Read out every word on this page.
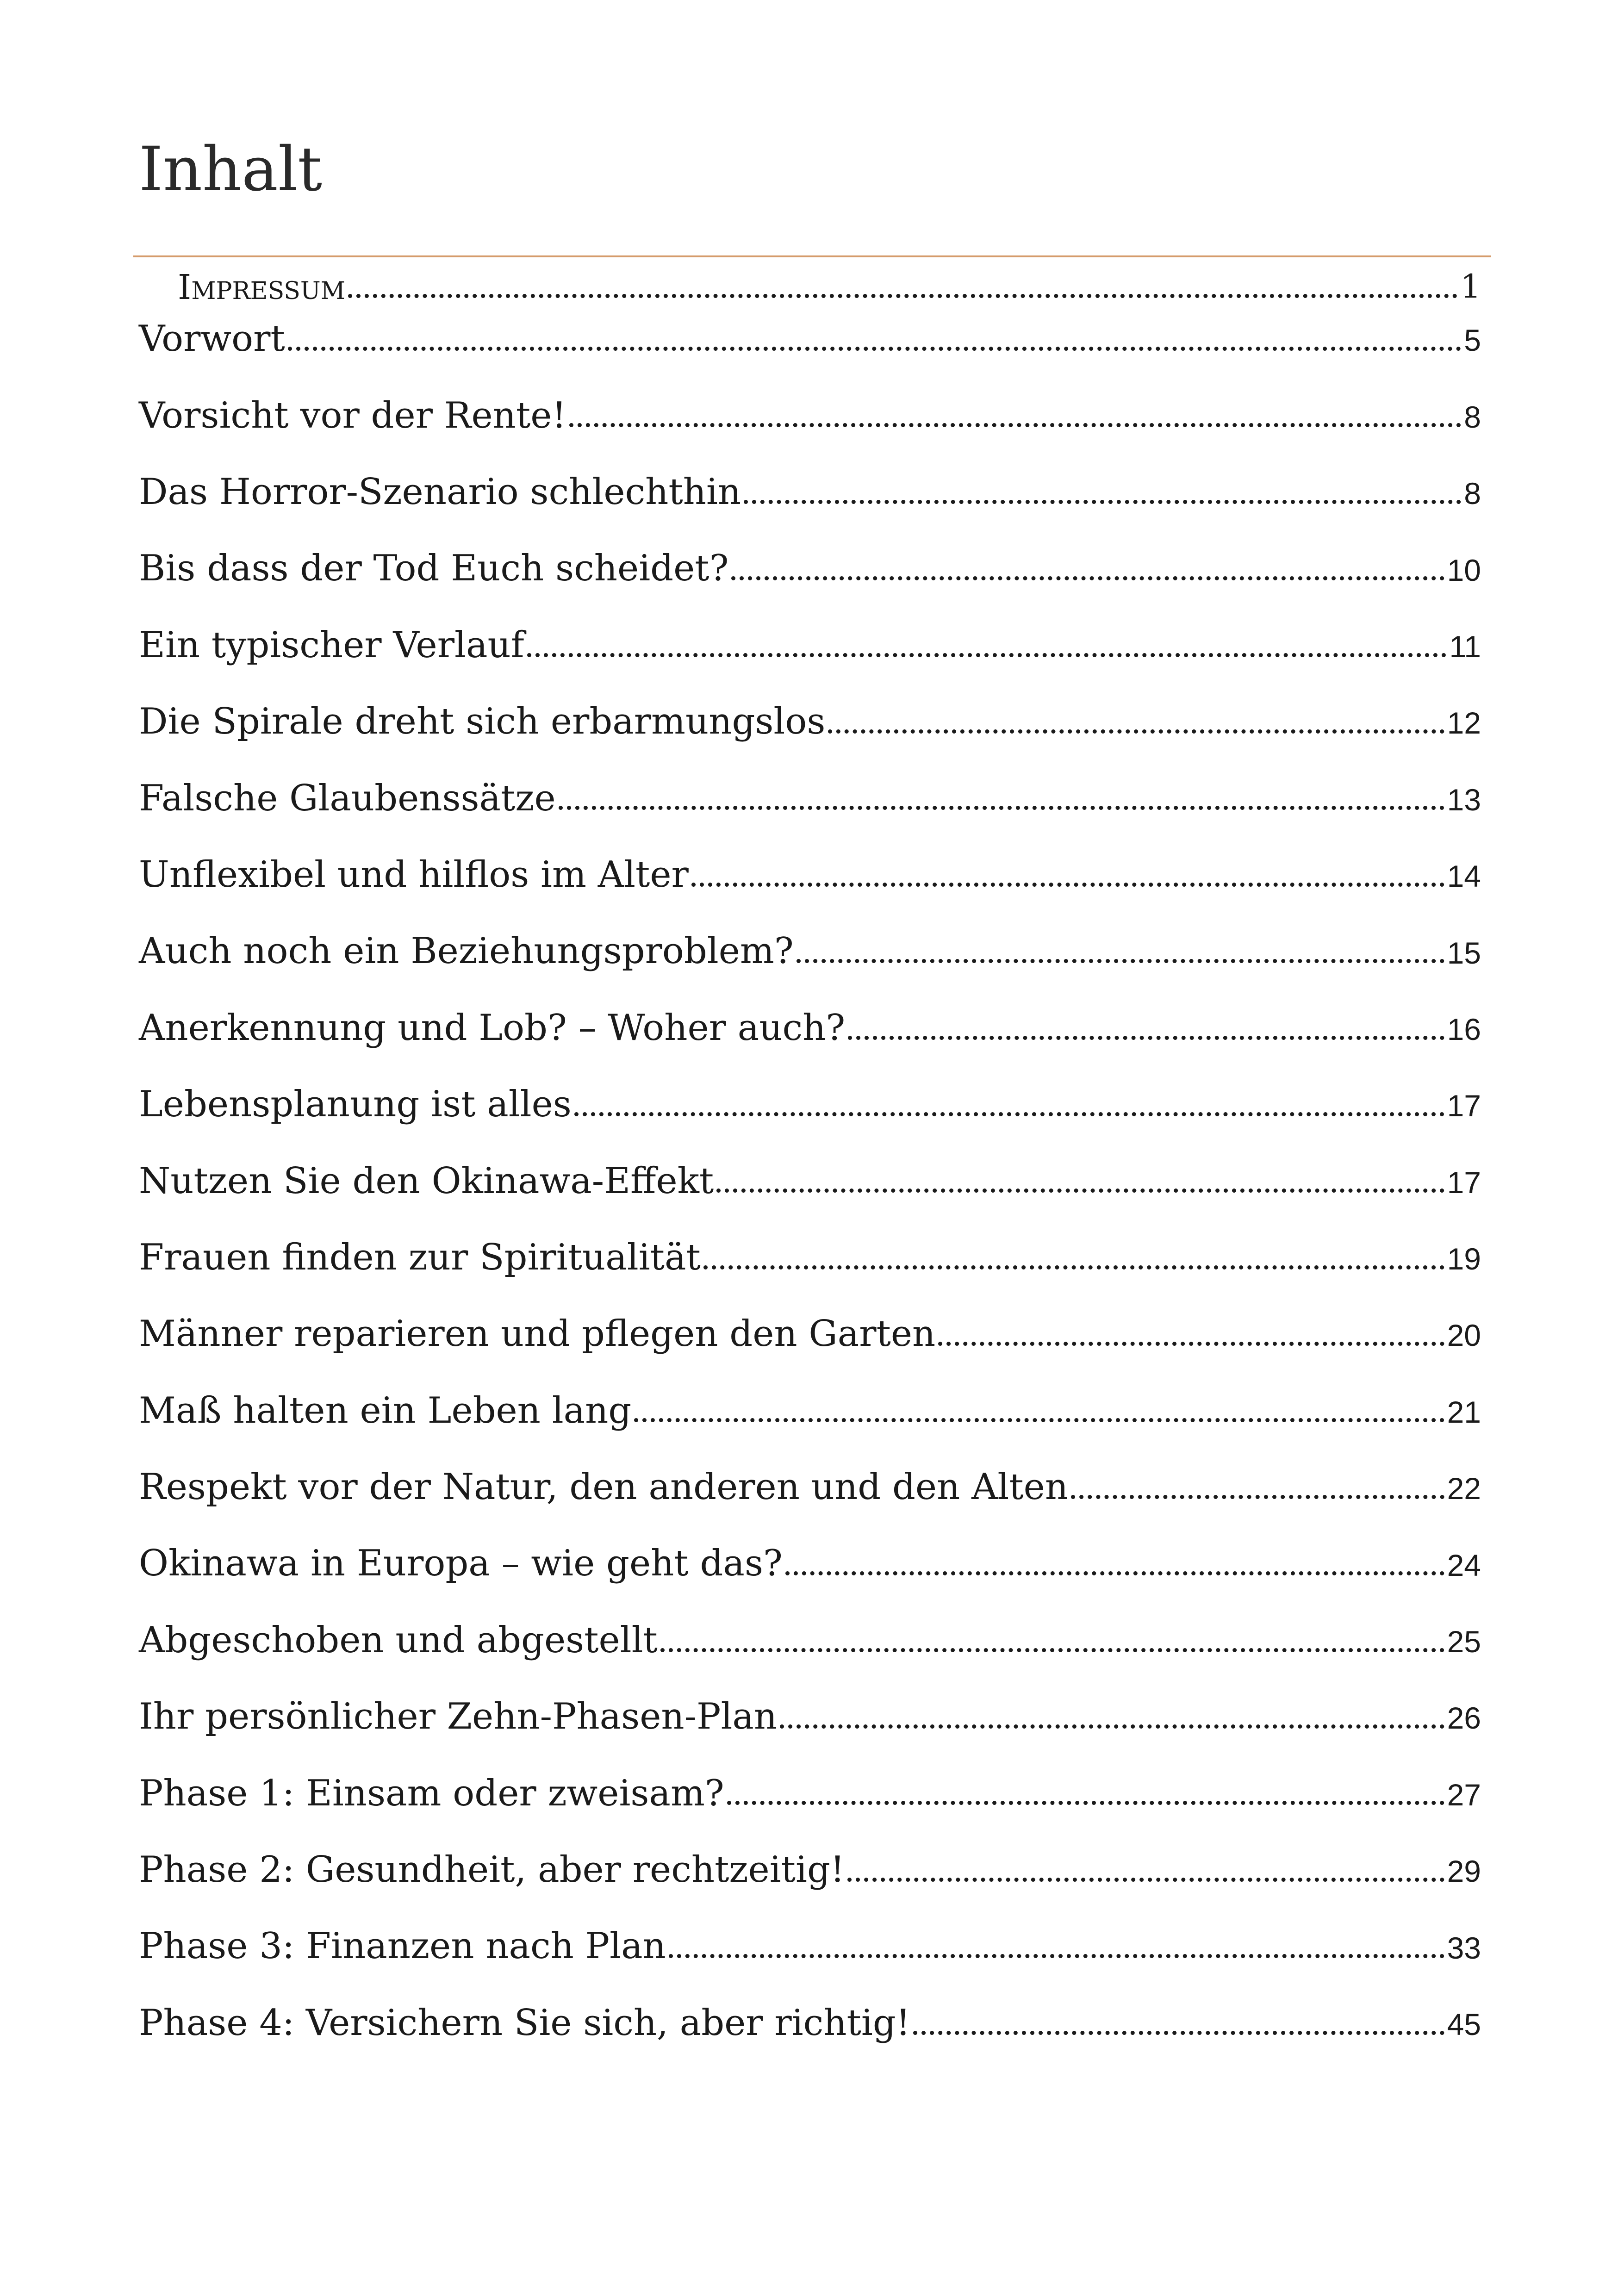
Inhalt
Impressum	1
Vorwort	5
Vorsicht vor der Rente!	8
Das Horror-Szenario schlechthin	8
Bis dass der Tod Euch scheidet?	10
Ein typischer Verlauf	11
Die Spirale dreht sich erbarmungslos	12
Falsche Glaubenssätze	13
Unflexibel und hilflos im Alter	14
Auch noch ein Beziehungsproblem?	15
Anerkennung und Lob? – Woher auch?	16
Lebensplanung ist alles	17
Nutzen Sie den Okinawa-Effekt	17
Frauen finden zur Spiritualität	19
Männer reparieren und pflegen den Garten	20
Maß halten ein Leben lang	21
Respekt vor der Natur, den anderen und den Alten	22
Okinawa in Europa – wie geht das?	24
Abgeschoben und abgestellt	25
Ihr persönlicher Zehn-Phasen-Plan	26
Phase 1: Einsam oder zweisam?	27
Phase 2: Gesundheit, aber rechtzeitig!	29
Phase 3: Finanzen nach Plan	33
Phase 4: Versichern Sie sich, aber richtig!	45
